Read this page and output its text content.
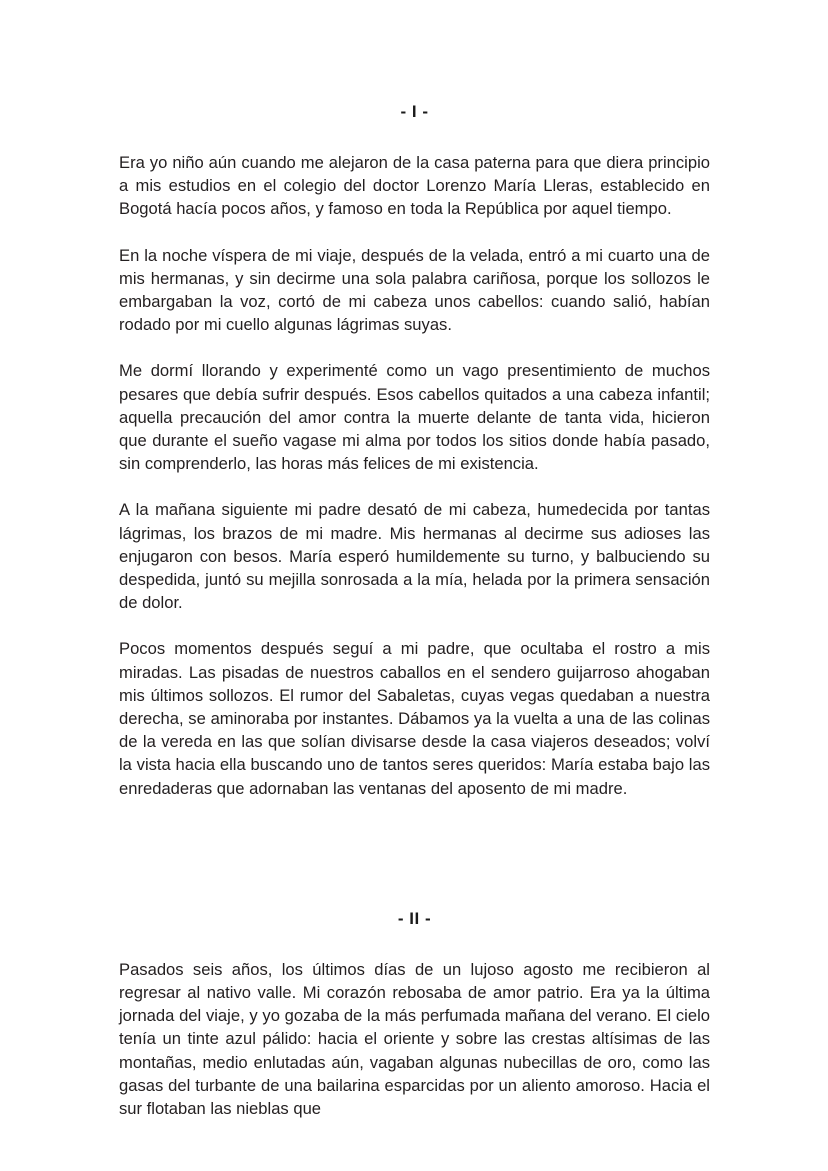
- I -

Era yo niño aún cuando me alejaron de la casa paterna para que diera principio a mis estudios en el colegio del doctor Lorenzo María Lleras, establecido en Bogotá hacía pocos años, y famoso en toda la República por aquel tiempo.

En la noche víspera de mi viaje, después de la velada, entró a mi cuarto una de mis hermanas, y sin decirme una sola palabra cariñosa, porque los sollozos le embargaban la voz, cortó de mi cabeza unos cabellos: cuando salió, habían rodado por mi cuello algunas lágrimas suyas.

Me dormí llorando y experimenté como un vago presentimiento de muchos pesares que debía sufrir después. Esos cabellos quitados a una cabeza infantil; aquella precaución del amor contra la muerte delante de tanta vida, hicieron que durante el sueño vagase mi alma por todos los sitios donde había pasado, sin comprenderlo, las horas más felices de mi existencia.

A la mañana siguiente mi padre desató de mi cabeza, humedecida por tantas lágrimas, los brazos de mi madre. Mis hermanas al decirme sus adioses las enjugaron con besos. María esperó humildemente su turno, y balbuciendo su despedida, juntó su mejilla sonrosada a la mía, helada por la primera sensación de dolor.

Pocos momentos después seguí a mi padre, que ocultaba el rostro a mis miradas. Las pisadas de nuestros caballos en el sendero guijarroso ahogaban mis últimos sollozos. El rumor del Sabaletas, cuyas vegas quedaban a nuestra derecha, se aminoraba por instantes. Dábamos ya la vuelta a una de las colinas de la vereda en las que solían divisarse desde la casa viajeros deseados; volví la vista hacia ella buscando uno de tantos seres queridos: María estaba bajo las enredaderas que adornaban las ventanas del aposento de mi madre.

- II -

Pasados seis años, los últimos días de un lujoso agosto me recibieron al regresar al nativo valle. Mi corazón rebosaba de amor patrio. Era ya la última jornada del viaje, y yo gozaba de la más perfumada mañana del verano. El cielo tenía un tinte azul pálido: hacia el oriente y sobre las crestas altísimas de las montañas, medio enlutadas aún, vagaban algunas nubecillas de oro, como las gasas del turbante de una bailarina esparcidas por un aliento amoroso. Hacia el sur flotaban las nieblas que
